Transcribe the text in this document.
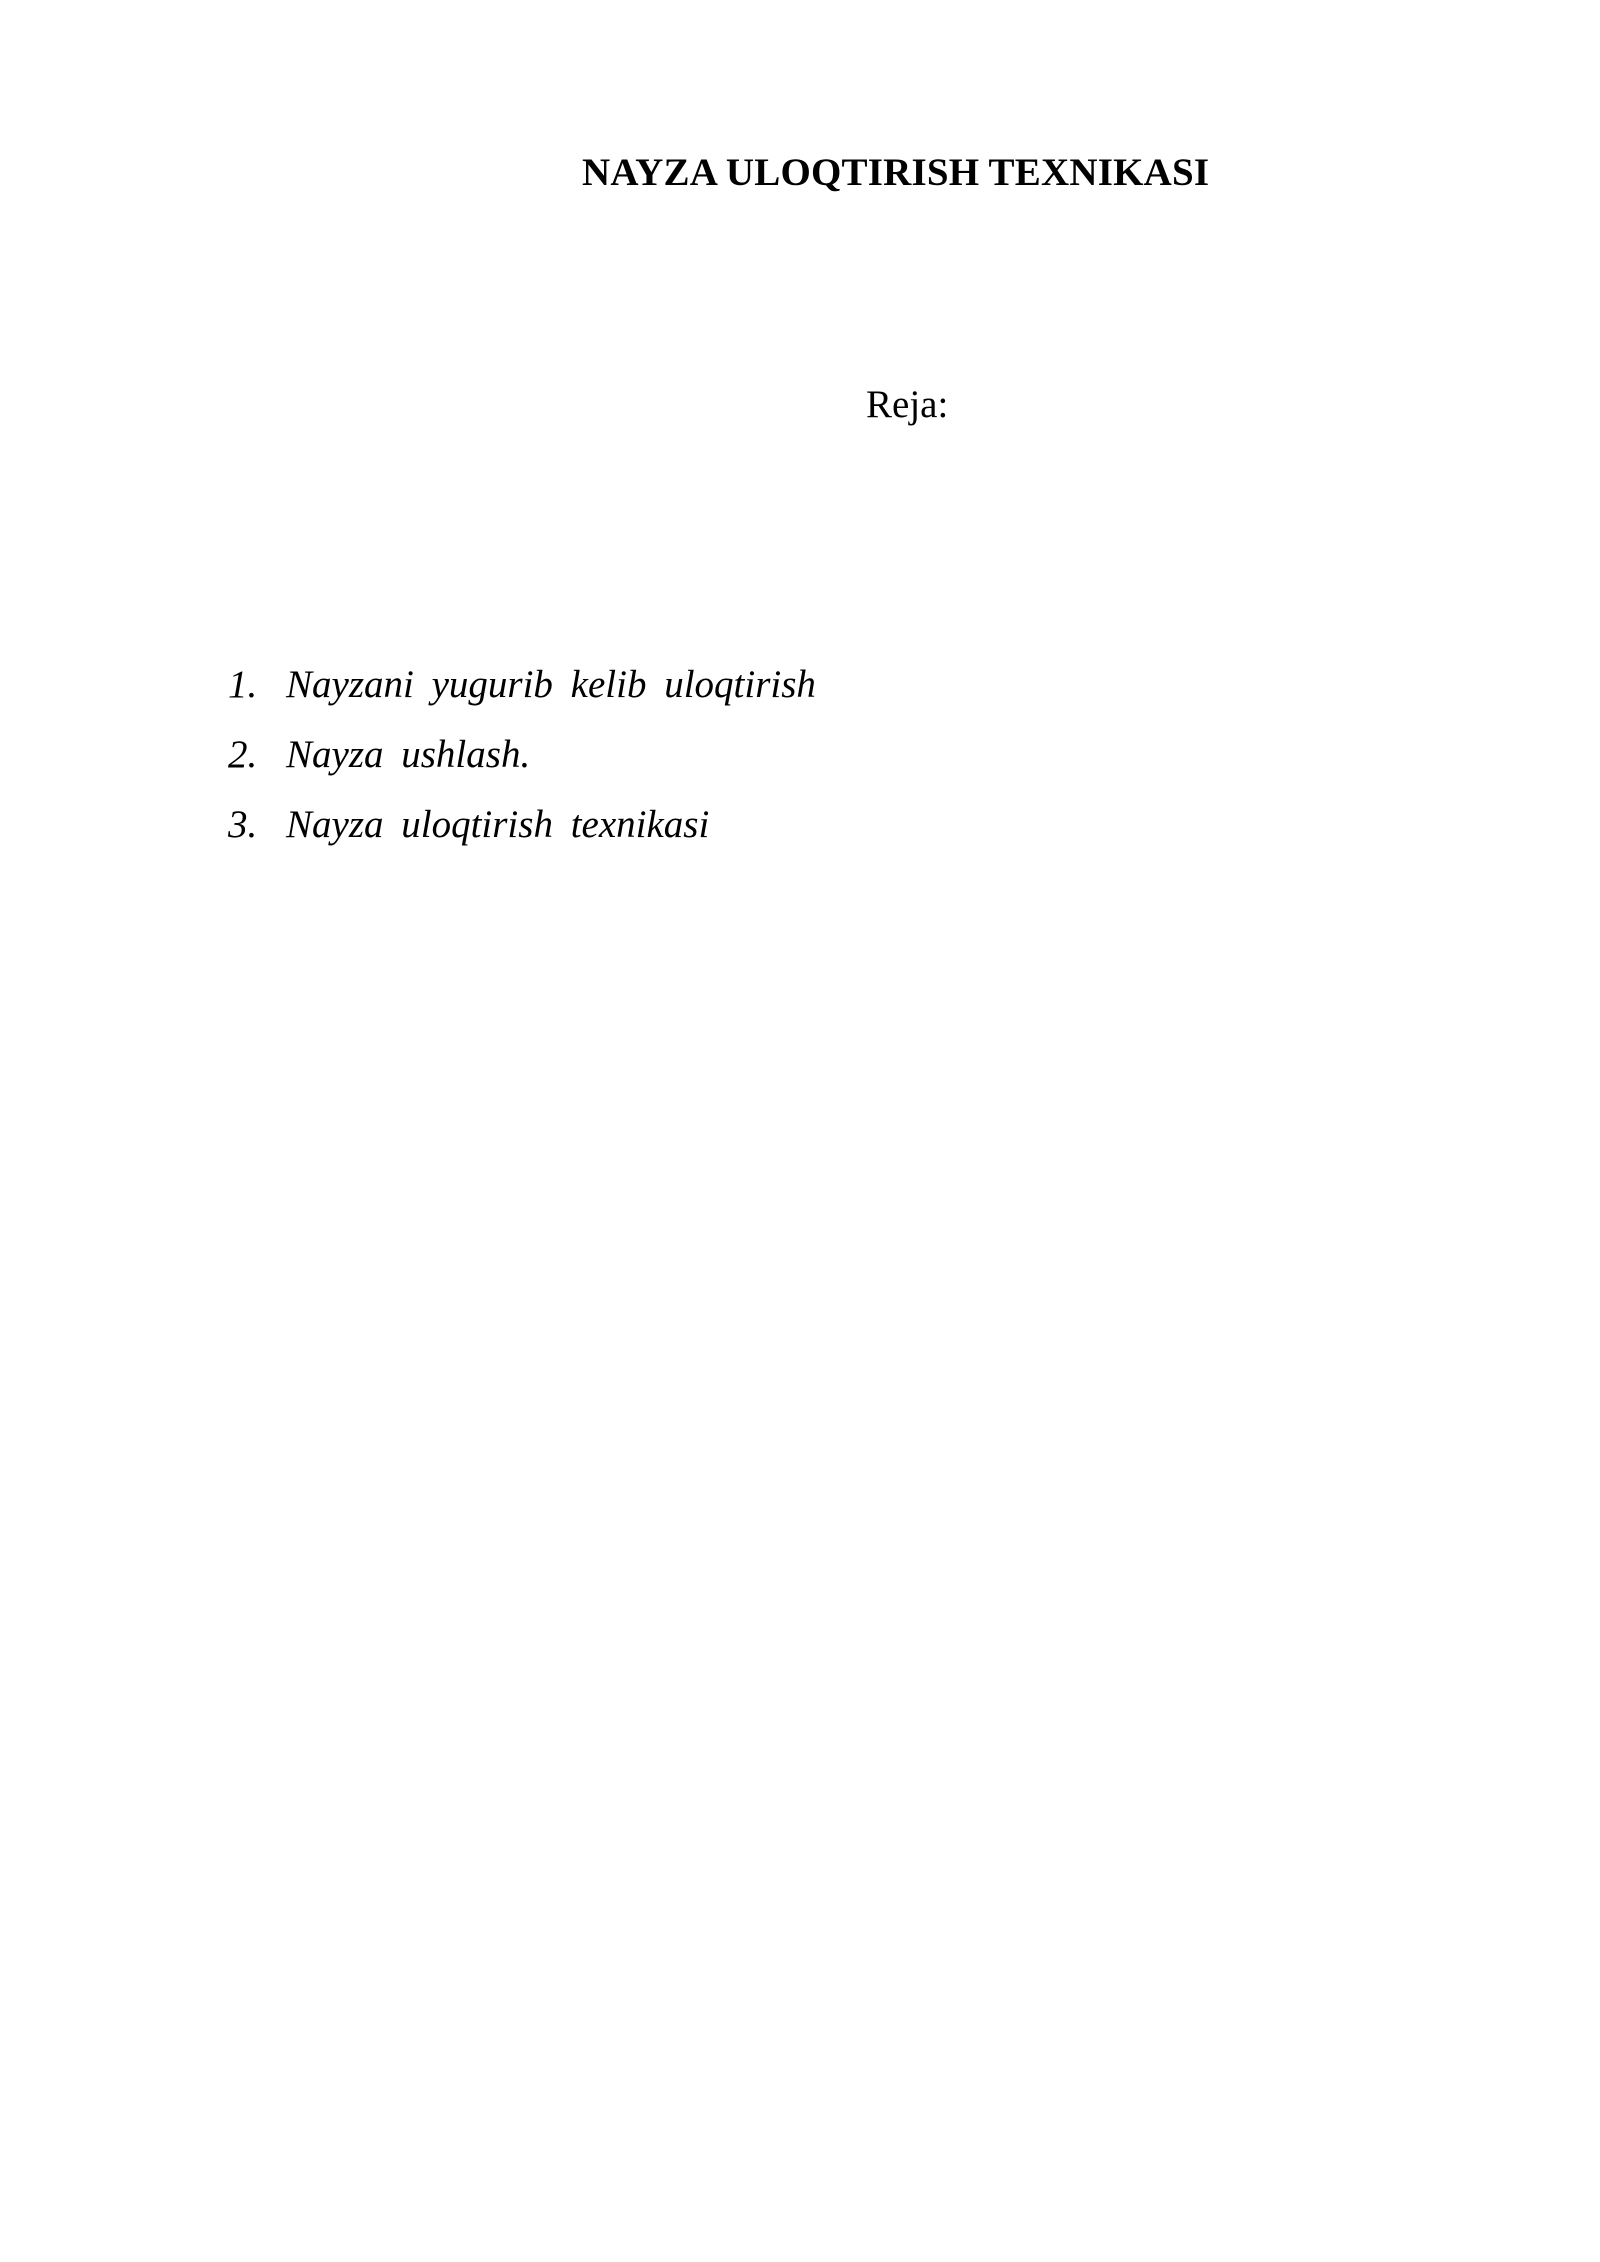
NAYZA ULOQTIRISH TEXNIKASI
Reja:
1. Nayzani yugurib kelib uloqtirish
2. Nayza ushlash.
3. Nayza uloqtirish texnikasi
